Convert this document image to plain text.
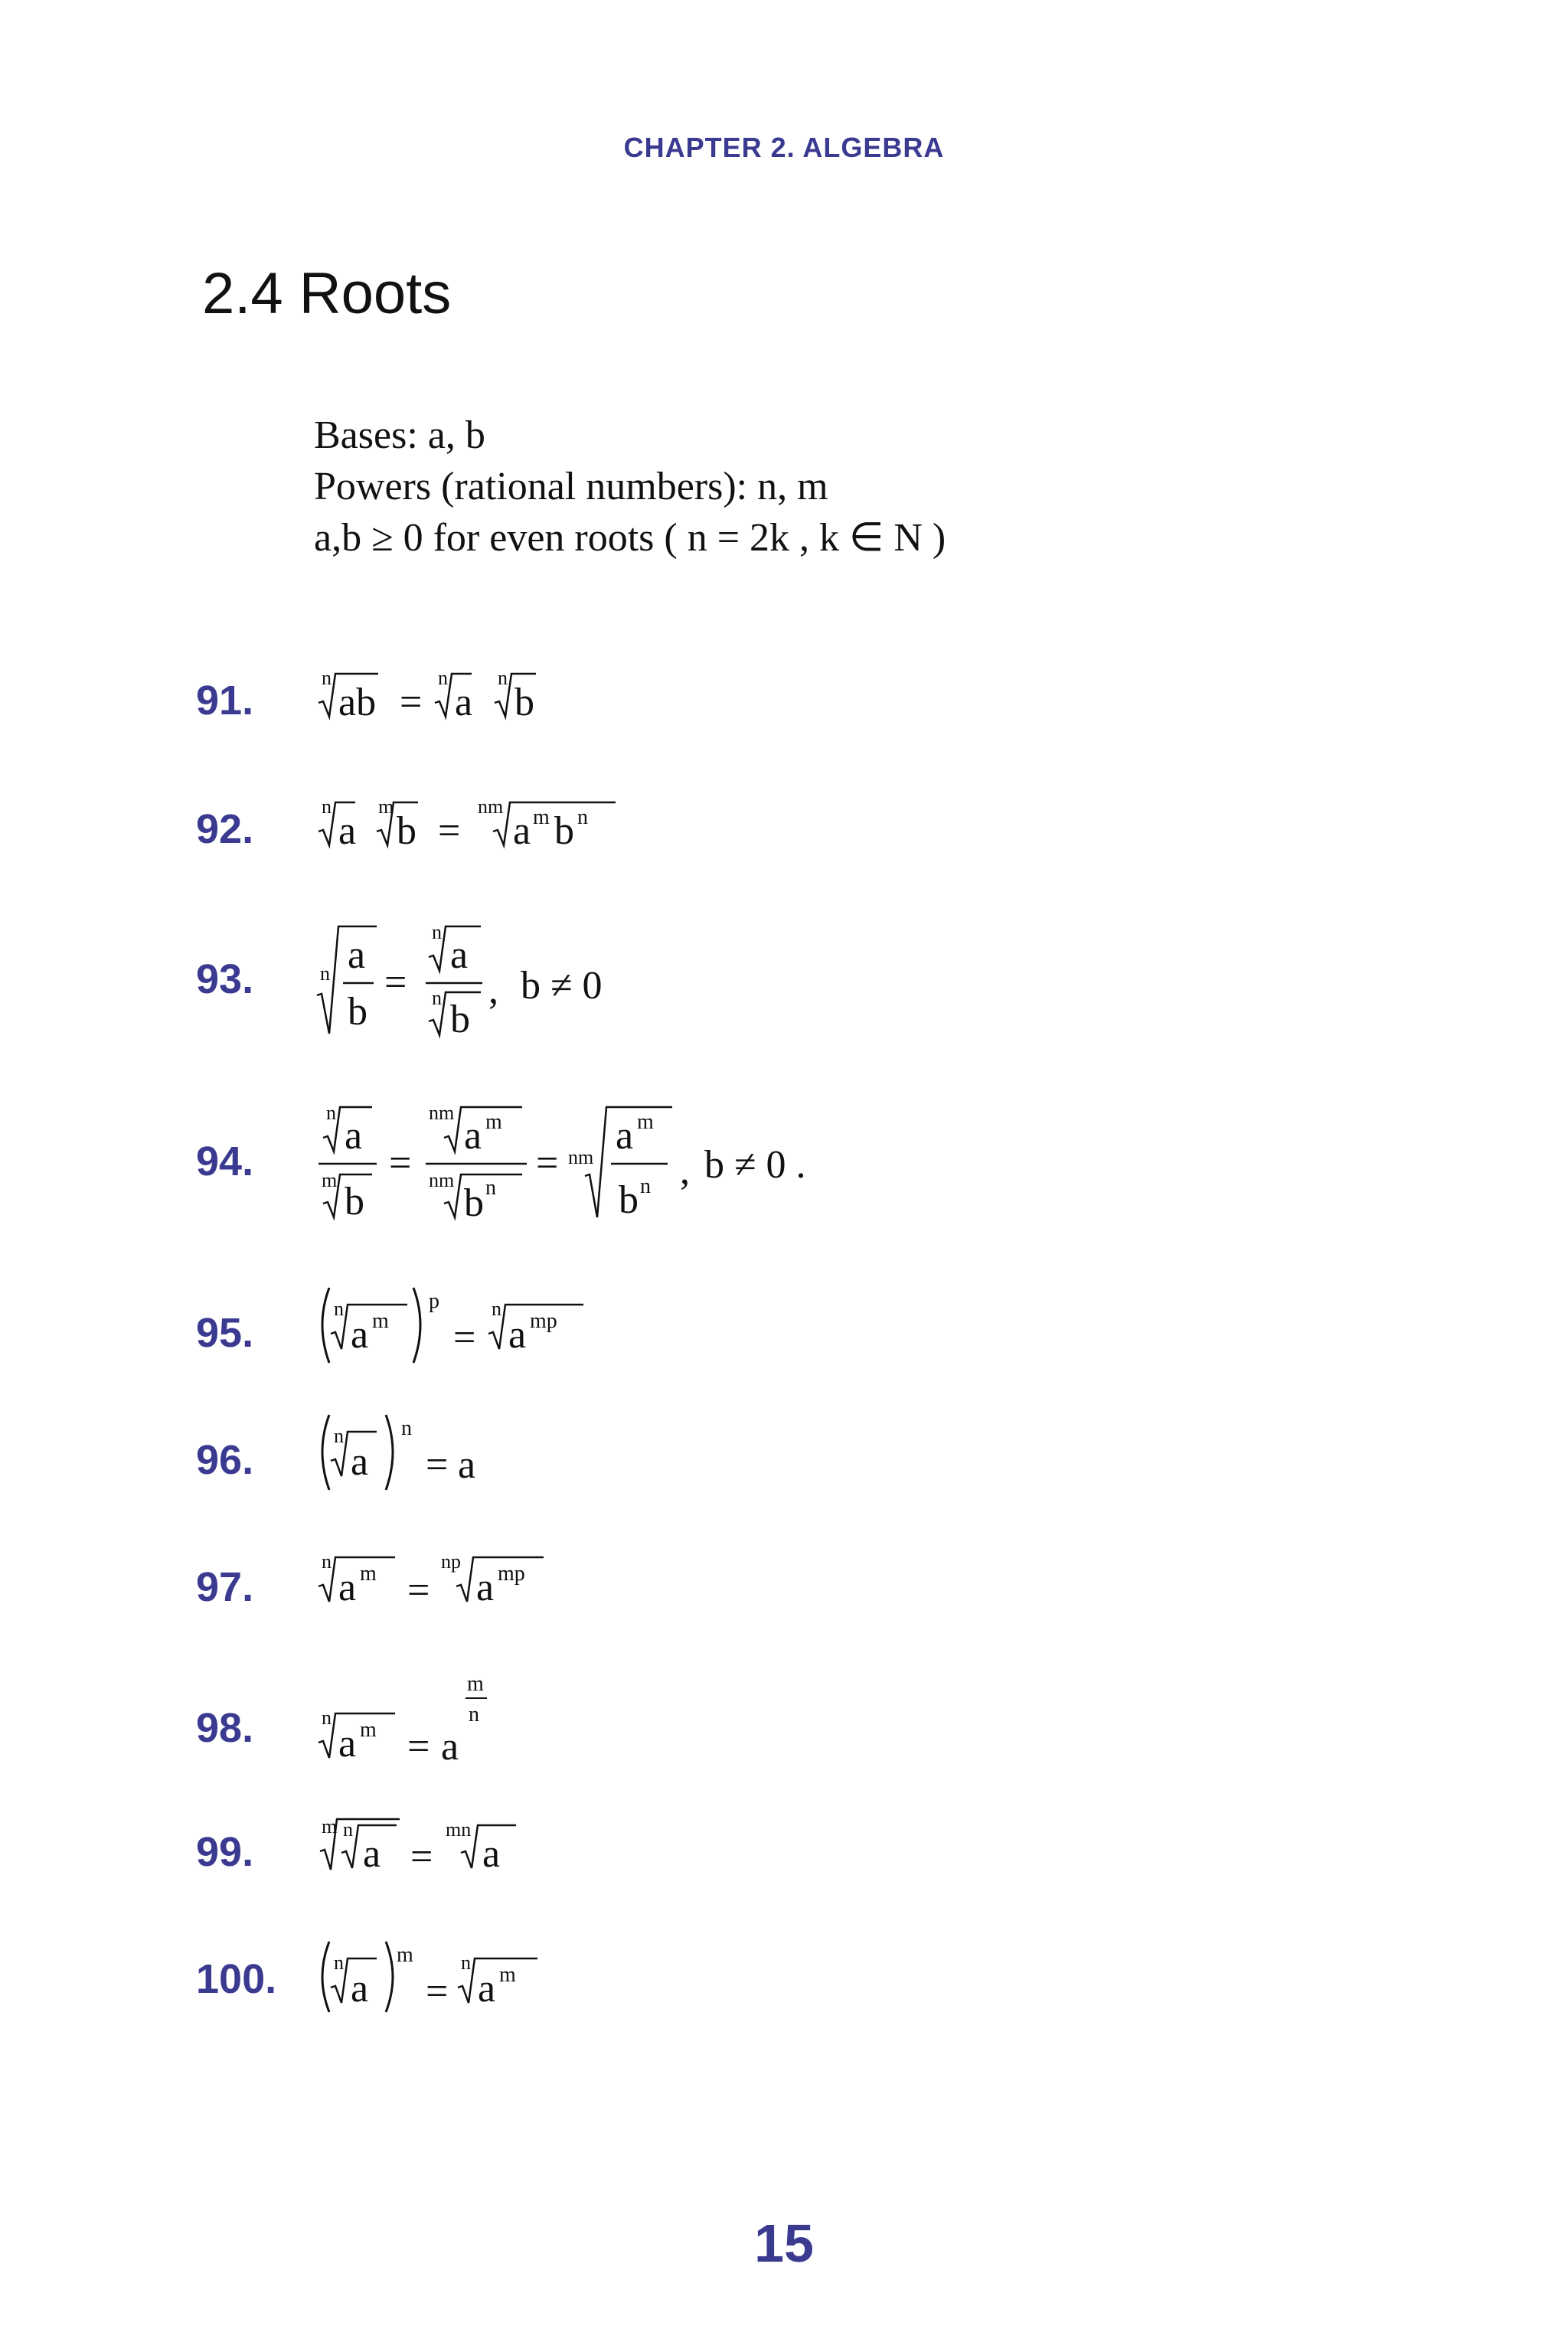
CHAPTER 2. ALGEBRA
2.4 Roots
Bases: a, b
Powers (rational numbers): n, m
a,b ≥ 0 for even roots ( n = 2k , k ∈ N )
91.	n
ab =
n
a
n
b
92.	n
a
m
b =
nm
a m b n
93.	n a
b
=
n
a
n b
, b ≠ 0
94.
n
a
m b
=
nm
a m
nm
b n
= nm a m
b n , b ≠ 0 .
95.
n
a m
p
=
n
a mp
96.
n
a
n
= a
97.
n
a m =
np
a mp
98.	n
a m = a
m
n
99.
m n
a =
mn
a
100.	n
a
m
=
n
a m
15
